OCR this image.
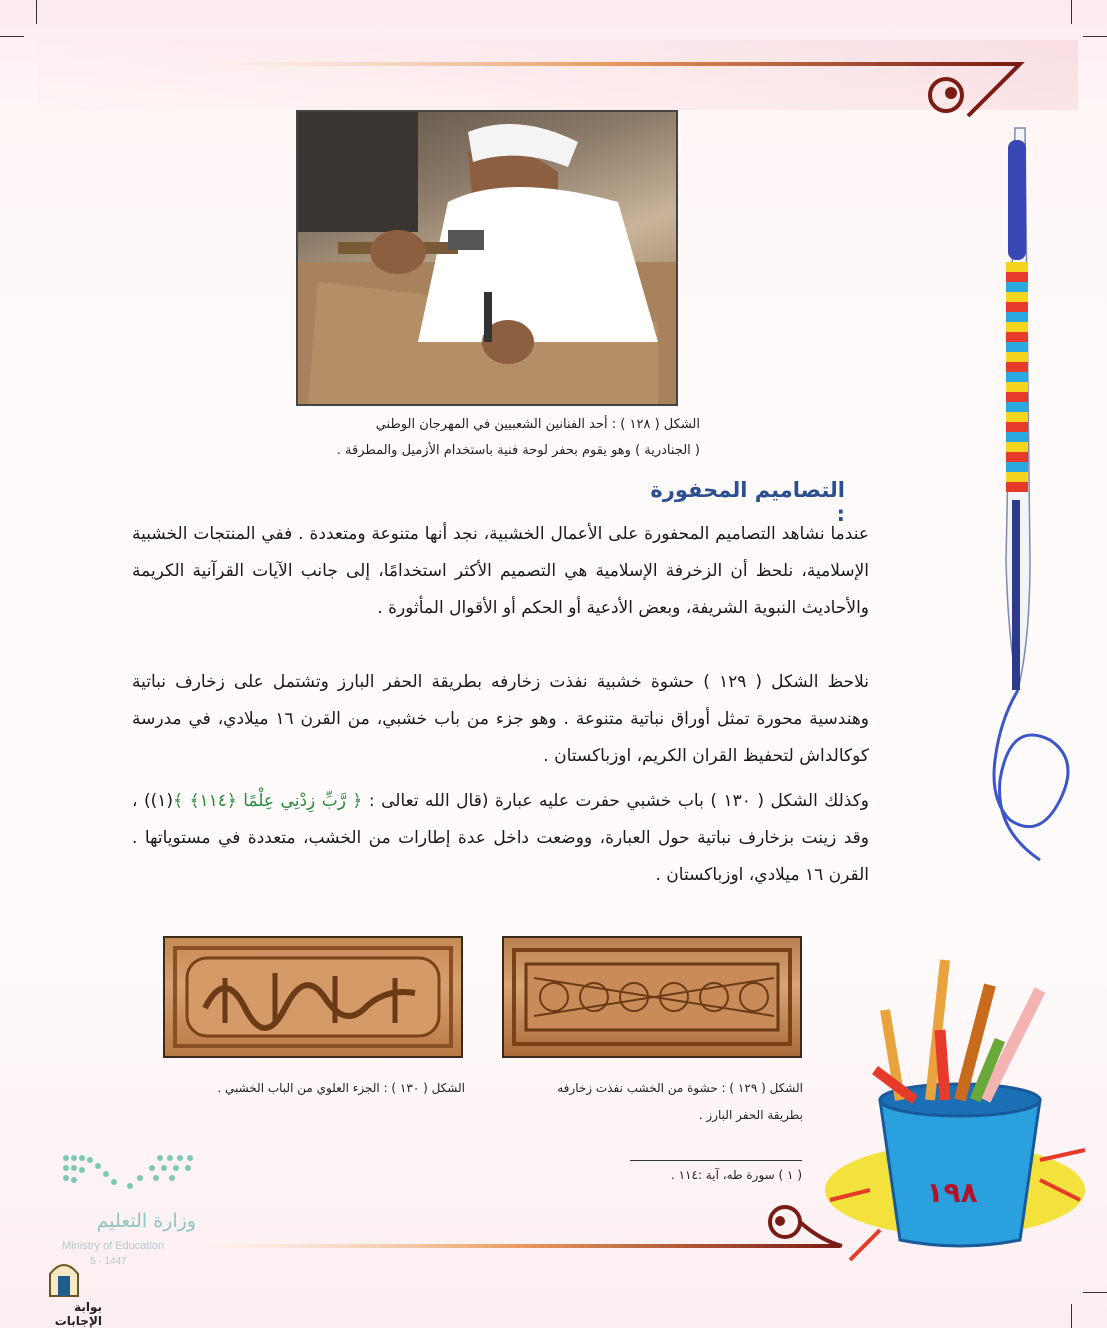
الشكل ( ١٢٨ ) : أحد الفنانين الشعبيين في المهرجان الوطني
( الجنادرية ) وهو يقوم بحفر لوحة فنية باستخدام الأزميل والمطرقة .
التصاميم المحفورة :
عندما نشاهد التصاميم المحفورة على الأعمال الخشبية، نجد أنها متنوعة ومتعددة . ففي المنتجات الخشبية الإسلامية، نلحظ أن الزخرفة الإسلامية هي التصميم الأكثر استخدامًا، إلى جانب الآيات القرآنية الكريمة والأحاديث النبوية الشريفة، وبعض الأدعية أو الحكم أو الأقوال المأثورة .
نلاحظ الشكل ( ١٢٩ ) حشوة خشبية نفذت زخارفه بطريقة الحفر البارز وتشتمل على زخارف نباتية وهندسية محورة تمثل أوراق نباتية متنوعة . وهو جزء من باب خشبي، من القرن ١٦ ميلادي، في مدرسة كوكالداش لتحفيظ القران الكريم، اوزباكستان .
وكذلك الشكل ( ١٣٠ ) باب خشبي حفرت عليه عبارة (قال الله تعالى : ﴿ رَّبِّ زِدْنِي عِلْمًا ﴿١١٤﴾ ﴾(١)) ، وقد زينت بزخارف نباتية حول العبارة، ووضعت داخل عدة إطارات من الخشب، متعددة في مستوياتها . القرن ١٦ ميلادي، اوزباكستان .
الشكل ( ١٣٠ ) : الجزء العلوي من الباب الخشبي .	الشكل ( ١٢٩ ) : حشوة من الخشب نفذت زخارفه
بطريقة الحفر البارز .
( ١ ) سورة طه، آية :١١٤ .
١٩٨
وزارة التعليم
Ministry of Education
5 - 1447
بوابة الإجابات
